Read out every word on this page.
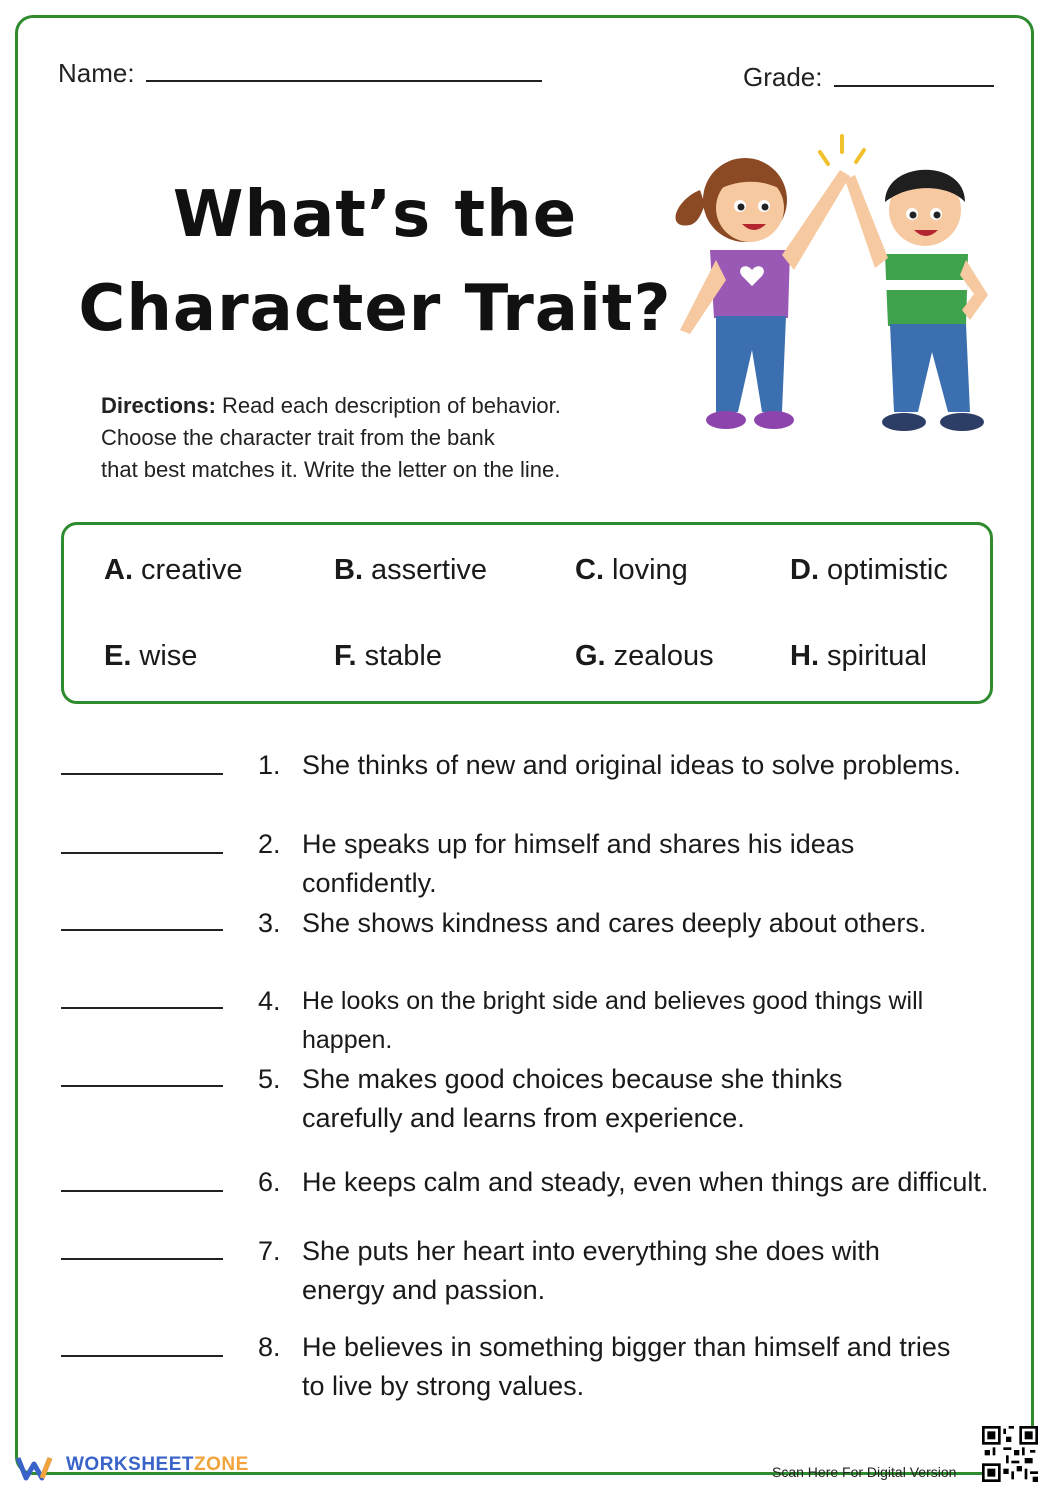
Name:	Grade:
What’s the
Character Trait?
Directions: Read each description of behavior.
Choose the character trait from the bank
that best matches it. Write the letter on the line.
A. creative	B. assertive	C. loving	D. optimistic
E. wise	F. stable	G. zealous	H. spiritual
1. She thinks of new and original ideas to solve problems.
2. He speaks up for himself and shares his ideas confidently.
3. She shows kindness and cares deeply about others.
4. He looks on the bright side and believes good things will happen.
5. She makes good choices because she thinks carefully and learns from experience.
6. He keeps calm and steady, even when things are difficult.
7. She puts her heart into everything she does with energy and passion.
8. He believes in something bigger than himself and tries to live by strong values.
WORKSHEETZONE	Scan Here For Digital Version
